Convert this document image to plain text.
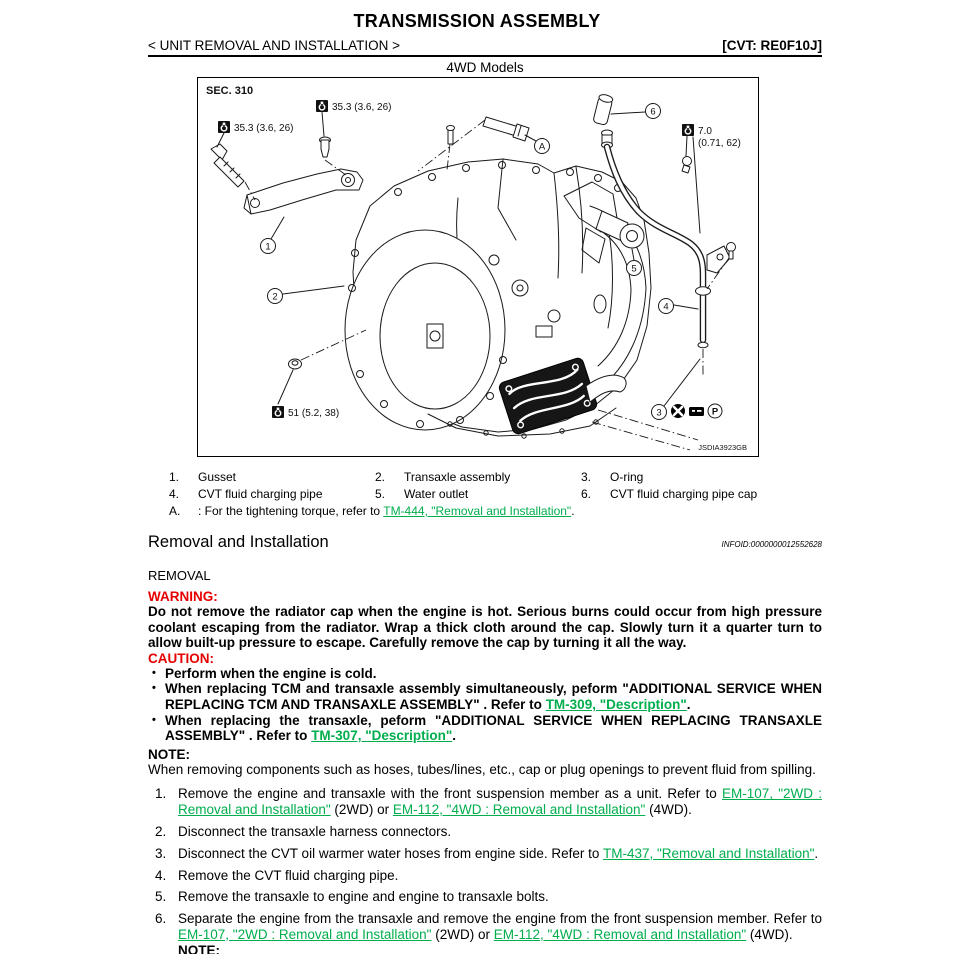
TRANSMISSION ASSEMBLY
< UNIT REMOVAL AND INSTALLATION >	[CVT: RE0F10J]
4WD Models
35.3 (3.6, 26)
35.3 (3.6, 26)
7.0
(0.71, 62)
51 (5.2, 38)
1
2
4
5
6
A
3	P
SEC. 310
JSDIA3923GB
1.	Gusset	2.	Transaxle assembly	3.	O-ring
4.	CVT fluid charging pipe	5.	Water outlet	6.	CVT fluid charging pipe cap
A.	: For the tightening torque, refer to TM-444, "Removal and Installation".
Removal and Installation	INFOID:0000000012552628
REMOVAL
WARNING:
Do not remove the radiator cap when the engine is hot. Serious burns could occur from high pressure coolant escaping from the radiator. Wrap a thick cloth around the cap. Slowly turn it a quarter turn to allow built-up pressure to escape. Carefully remove the cap by turning it all the way.
CAUTION:
• Perform when the engine is cold.
• When replacing TCM and transaxle assembly simultaneously, peform "ADDITIONAL SERVICE WHEN REPLACING TCM AND TRANSAXLE ASSEMBLY" . Refer to TM-309, "Description".
• When replacing the transaxle, peform "ADDITIONAL SERVICE WHEN REPLACING TRANSAXLE ASSEMBLY" . Refer to TM-307, "Description".
NOTE:
When removing components such as hoses, tubes/lines, etc., cap or plug openings to prevent fluid from spilling.
1. Remove the engine and transaxle with the front suspension member as a unit. Refer to EM-107, "2WD : Removal and Installation" (2WD) or EM-112, "4WD : Removal and Installation" (4WD).
2. Disconnect the transaxle harness connectors.
3. Disconnect the CVT oil warmer water hoses from engine side. Refer to TM-437, "Removal and Installation".
4. Remove the CVT fluid charging pipe.
5. Remove the transaxle to engine and engine to transaxle bolts.
6. Separate the engine from the transaxle and remove the engine from the front suspension member. Refer to EM-107, "2WD : Removal and Installation" (2WD) or EM-112, "4WD : Removal and Installation" (4WD).
NOTE:
